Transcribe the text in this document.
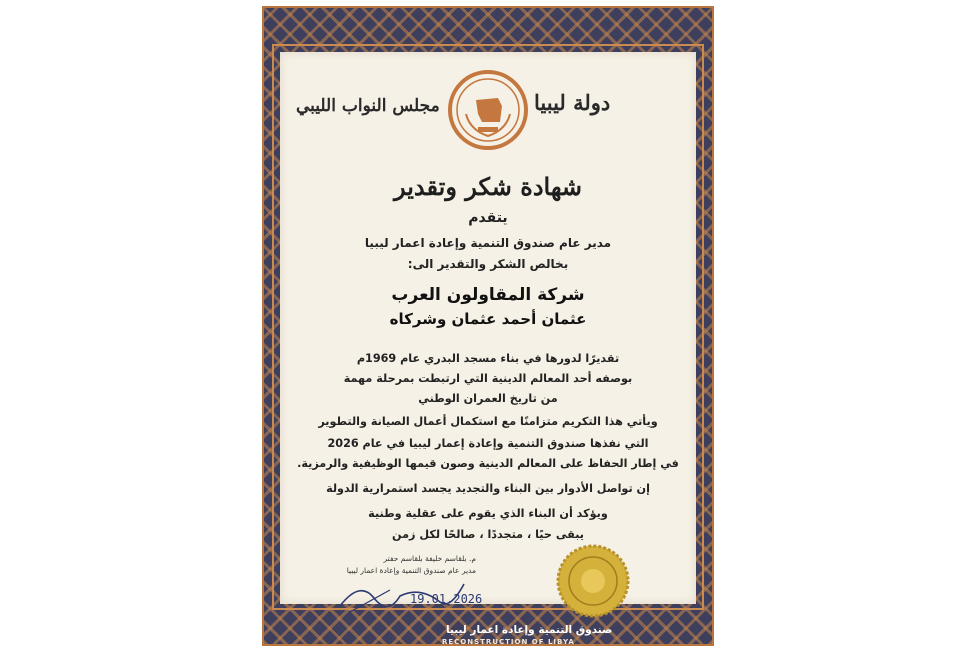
دولة ليبيا
مجلس النواب الليبي
شهادة شكر وتقدير
يتقدم
مدير عام صندوق التنمية وإعادة اعمار ليبيا
بخالص الشكر والتقدير الى:
شركة المقاولون العرب
عثمان أحمد عثمان وشركاه
تقديرًا لدورها في بناء مسجد البدري عام 1969م
بوصفه أحد المعالم الدينية التي ارتبطت بمرحلة مهمة
من تاريخ العمران الوطني
ويأتي هذا التكريم متزامنًا مع استكمال أعمال الصيانة والتطوير
التي نفذها صندوق التنمية وإعادة إعمار ليبيا في عام 2026
في إطار الحفاظ على المعالم الدينية وصون قيمها الوظيفية والرمزية.
إن تواصل الأدوار بين البناء والتجديد يجسد استمرارية الدولة
ويؤكد أن البناء الذي يقوم على عقلية وطنية
يبقى حيًا ، متجددًا ، صالحًا لكل زمن
م. بلقاسم خليفة بلقاسم حفتر
مدير عام صندوق التنمية وإعادة اعمار ليبيا
19.01.2026
صندوق التنمية وإعادة اعمار ليبيا
RECONSTRUCTION OF LIBYA
